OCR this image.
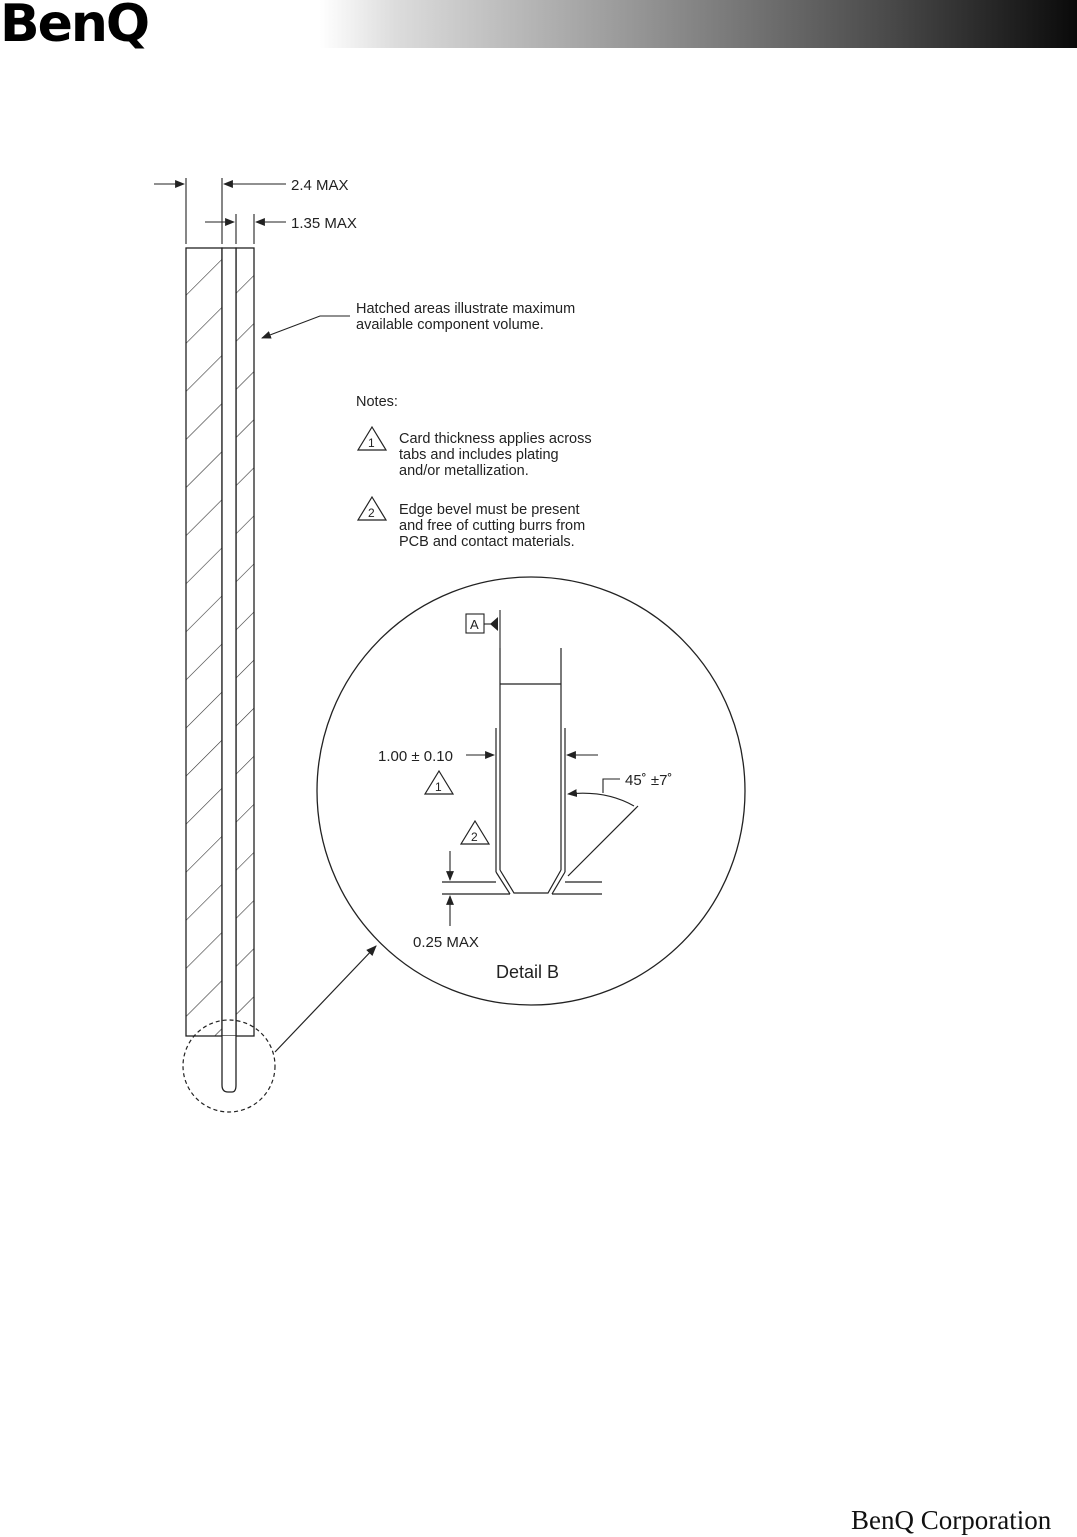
BenQ
2.4 MAX
1.35 MAX
Hatched areas illustrate maximum
available component volume.
Notes:
1 Card thickness applies across
tabs and includes plating
and/or metallization.
2 Edge bevel must be present
and free of cutting burrs from
PCB and contact materials.
A
1.00 ± 0.10
1
2
45˚ ±7˚
0.25 MAX
Detail B
BenQ Corporation
